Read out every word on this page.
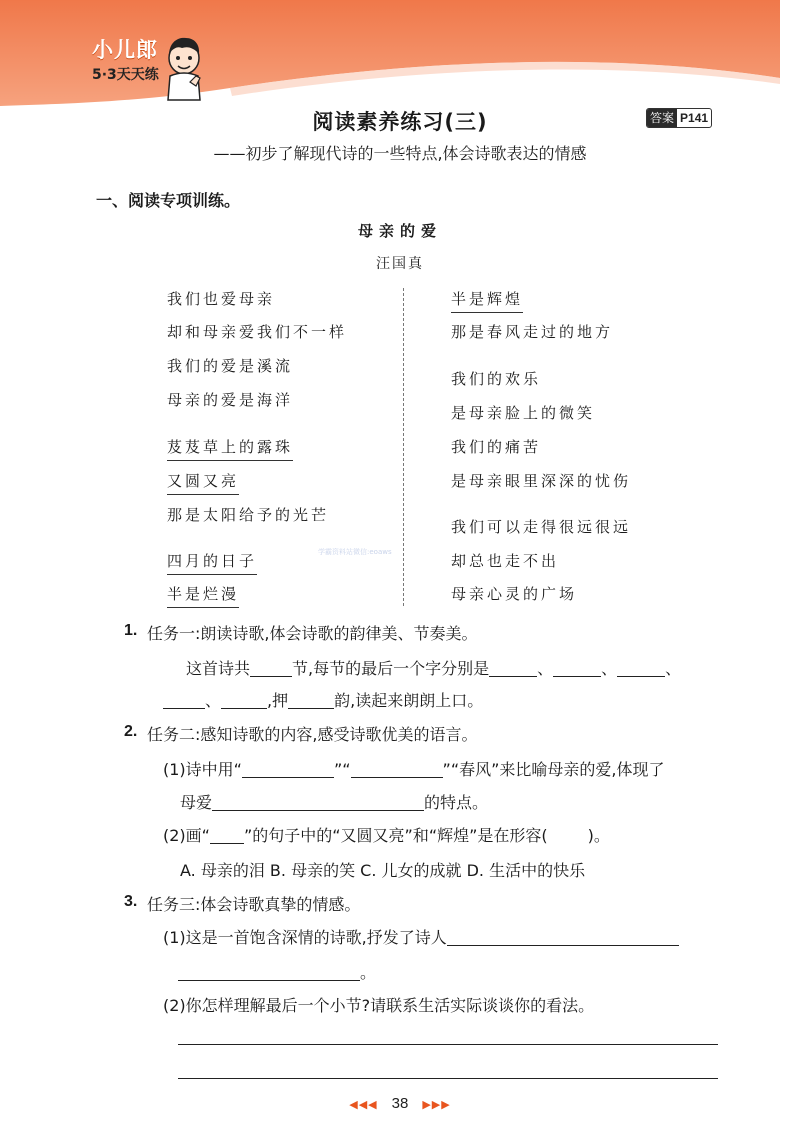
小儿郎
5·3天天练
阅读素养练习(三)	答案 P141
——初步了解现代诗的一些特点,体会诗歌表达的情感
一、阅读专项训练。
母亲的爱
汪国真
我们也爱母亲
却和母亲爱我们不一样
我们的爱是溪流
母亲的爱是海洋
芨芨草上的露珠
又圆又亮
那是太阳给予的光芒
四月的日子
半是烂漫
半是辉煌
那是春风走过的地方
我们的欢乐
是母亲脸上的微笑
我们的痛苦
是母亲眼里深深的忧伤
我们可以走得很远很远
却总也走不出
母亲心灵的广场
学霸资料站微信:eoaws
1. 任务一:朗读诗歌,体会诗歌的韵律美、节奏美。
这首诗共	节,每节的最后一个字分别是	、	、	、
、	,押	韵,读起来朗朗上口。
2. 任务二:感知诗歌的内容,感受诗歌优美的语言。
(1)诗中用“	”“	”“春风”来比喻母亲的爱,体现了
母爱	的特点。
(2)画“ ”的句子中的“又圆又亮”和“辉煌”是在形容(	)。
A. 母亲的泪 B. 母亲的笑 C. 儿女的成就 D. 生活中的快乐
3. 任务三:体会诗歌真挚的情感。
(1)这是一首饱含深情的诗歌,抒发了诗人
。
(2)你怎样理解最后一个小节?请联系生活实际谈谈你的看法。
◀◀◀ 38 ▶▶▶
